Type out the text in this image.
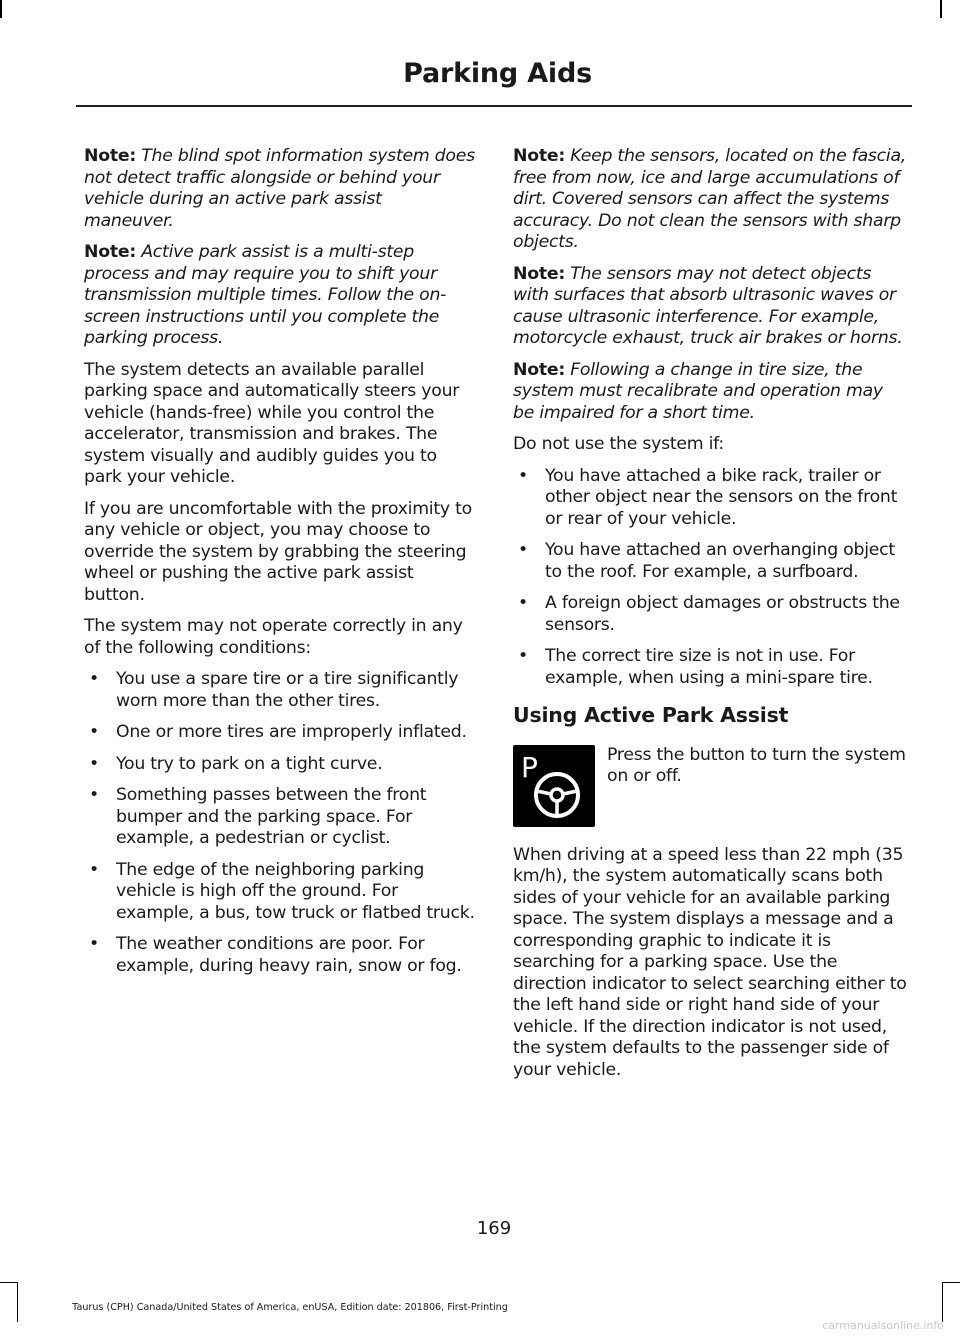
Parking Aids

Note: The blind spot information system does not detect traffic alongside or behind your vehicle during an active park assist maneuver.

Note: Active park assist is a multi-step process and may require you to shift your transmission multiple times. Follow the on-screen instructions until you complete the parking process.

The system detects an available parallel parking space and automatically steers your vehicle (hands-free) while you control the accelerator, transmission and brakes. The system visually and audibly guides you to park your vehicle.

If you are uncomfortable with the proximity to any vehicle or object, you may choose to override the system by grabbing the steering wheel or pushing the active park assist button.

The system may not operate correctly in any of the following conditions:

• You use a spare tire or a tire significantly worn more than the other tires.
• One or more tires are improperly inflated.
• You try to park on a tight curve.
• Something passes between the front bumper and the parking space. For example, a pedestrian or cyclist.
• The edge of the neighboring parking vehicle is high off the ground. For example, a bus, tow truck or flatbed truck.
• The weather conditions are poor. For example, during heavy rain, snow or fog.

Note: Keep the sensors, located on the fascia, free from now, ice and large accumulations of dirt. Covered sensors can affect the systems accuracy. Do not clean the sensors with sharp objects.

Note: The sensors may not detect objects with surfaces that absorb ultrasonic waves or cause ultrasonic interference. For example, motorcycle exhaust, truck air brakes or horns.

Note: Following a change in tire size, the system must recalibrate and operation may be impaired for a short time.

Do not use the system if:

• You have attached a bike rack, trailer or other object near the sensors on the front or rear of your vehicle.
• You have attached an overhanging object to the roof. For example, a surfboard.
• A foreign object damages or obstructs the sensors.
• The correct tire size is not in use. For example, when using a mini-spare tire.
Using Active Park Assist
P	Press the button to turn the system on or off.

When driving at a speed less than 22 mph (35 km/h), the system automatically scans both sides of your vehicle for an available parking space. The system displays a message and a corresponding graphic to indicate it is searching for a parking space. Use the direction indicator to select searching either to the left hand side or right hand side of your vehicle. If the direction indicator is not used, the system defaults to the passenger side of your vehicle.

169
Taurus (CPH) Canada/United States of America, enUSA, Edition date: 201806, First-Printing
carmanualsonline.info
